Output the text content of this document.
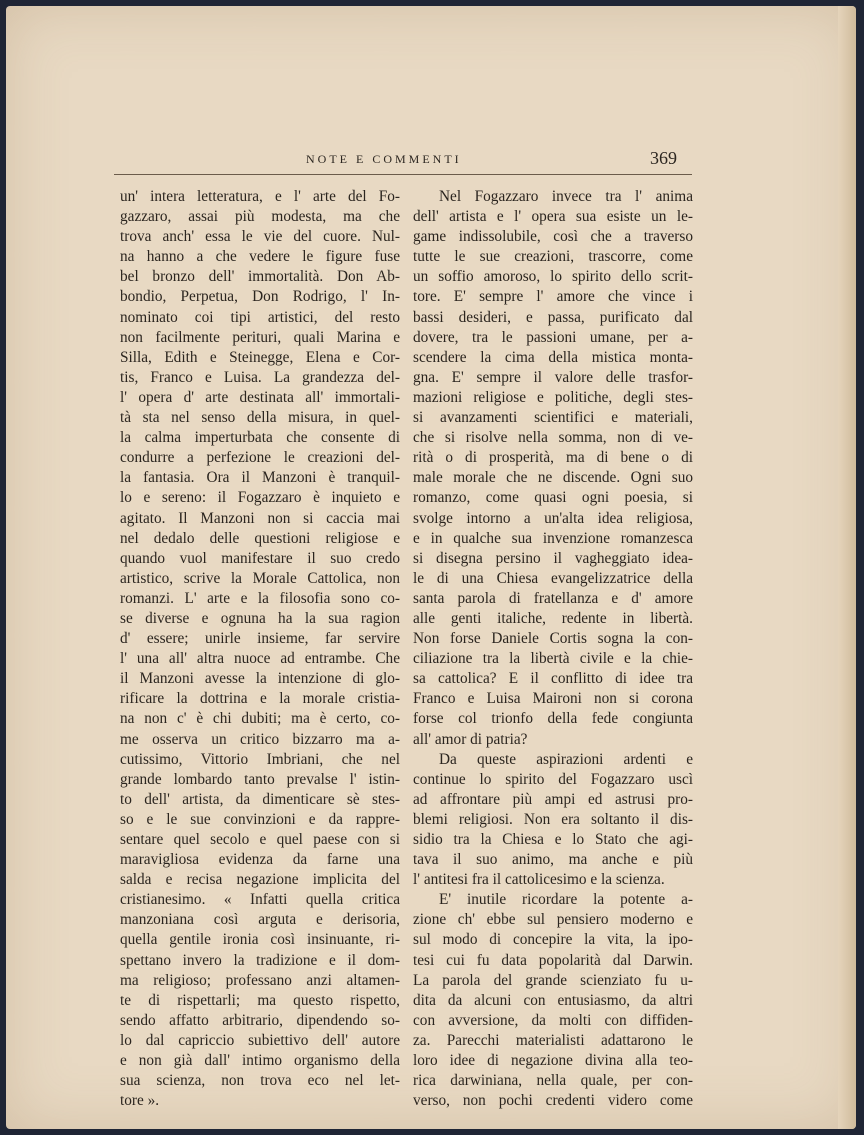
NOTE E COMMENTI	369
un' intera letteratura, e l' arte del Fo-
gazzaro, assai più modesta, ma che
trova anch' essa le vie del cuore. Nul-
na hanno a che vedere le figure fuse
bel bronzo dell' immortalità. Don Ab-
bondio, Perpetua, Don Rodrigo, l' In-
nominato coi tipi artistici, del resto
non facilmente perituri, quali Marina e
Silla, Edith e Steinegge, Elena e Cor-
tis, Franco e Luisa. La grandezza del-
l' opera d' arte destinata all' immortali-
tà sta nel senso della misura, in quel-
la calma imperturbata che consente di
condurre a perfezione le creazioni del-
la fantasia. Ora il Manzoni è tranquil-
lo e sereno: il Fogazzaro è inquieto e
agitato. Il Manzoni non si caccia mai
nel dedalo delle questioni religiose e
quando vuol manifestare il suo credo
artistico, scrive la Morale Cattolica, non
romanzi. L' arte e la filosofia sono co-
se diverse e ognuna ha la sua ragion
d' essere; unirle insieme, far servire
l' una all' altra nuoce ad entrambe. Che
il Manzoni avesse la intenzione di glo-
rificare la dottrina e la morale cristia-
na non c' è chi dubiti; ma è certo, co-
me osserva un critico bizzarro ma a-
cutissimo, Vittorio Imbriani, che nel
grande lombardo tanto prevalse l' istin-
to dell' artista, da dimenticare sè stes-
so e le sue convinzioni e da rappre-
sentare quel secolo e quel paese con si
maravigliosa evidenza da farne una
salda e recisa negazione implicita del
cristianesimo. « Infatti quella critica
manzoniana così arguta e derisoria,
quella gentile ironia così insinuante, ri-
spettano invero la tradizione e il dom-
ma religioso; professano anzi altamen-
te di rispettarli; ma questo rispetto,
sendo affatto arbitrario, dipendendo so-
lo dal capriccio subiettivo dell' autore
e non già dall' intimo organismo della
sua scienza, non trova eco nel let-
tore ».
Nel Fogazzaro invece tra l' anima
dell' artista e l' opera sua esiste un le-
game indissolubile, così che a traverso
tutte le sue creazioni, trascorre, come
un soffio amoroso, lo spirito dello scrit-
tore. E' sempre l' amore che vince i
bassi desideri, e passa, purificato dal
dovere, tra le passioni umane, per a-
scendere la cima della mistica monta-
gna. E' sempre il valore delle trasfor-
mazioni religiose e politiche, degli stes-
si avanzamenti scientifici e materiali,
che si risolve nella somma, non di ve-
rità o di prosperità, ma di bene o di
male morale che ne discende. Ogni suo
romanzo, come quasi ogni poesia, si
svolge intorno a un'alta idea religiosa,
e in qualche sua invenzione romanzesca
si disegna persino il vagheggiato idea-
le di una Chiesa evangelizzatrice della
santa parola di fratellanza e d' amore
alle genti italiche, redente in libertà.
Non forse Daniele Cortis sogna la con-
ciliazione tra la libertà civile e la chie-
sa cattolica? E il conflitto di idee tra
Franco e Luisa Maironi non si corona
forse col trionfo della fede congiunta
all' amor di patria?
Da queste aspirazioni ardenti e
continue lo spirito del Fogazzaro uscì
ad affrontare più ampi ed astrusi pro-
blemi religiosi. Non era soltanto il dis-
sidio tra la Chiesa e lo Stato che agi-
tava il suo animo, ma anche e più
l' antitesi fra il cattolicesimo e la scienza.
E' inutile ricordare la potente a-
zione ch' ebbe sul pensiero moderno e
sul modo di concepire la vita, la ipo-
tesi cui fu data popolarità dal Darwin.
La parola del grande scienziato fu u-
dita da alcuni con entusiasmo, da altri
con avversione, da molti con diffiden-
za. Parecchi materialisti adattarono le
loro idee di negazione divina alla teo-
rica darwiniana, nella quale, per con-
verso, non pochi credenti videro come
